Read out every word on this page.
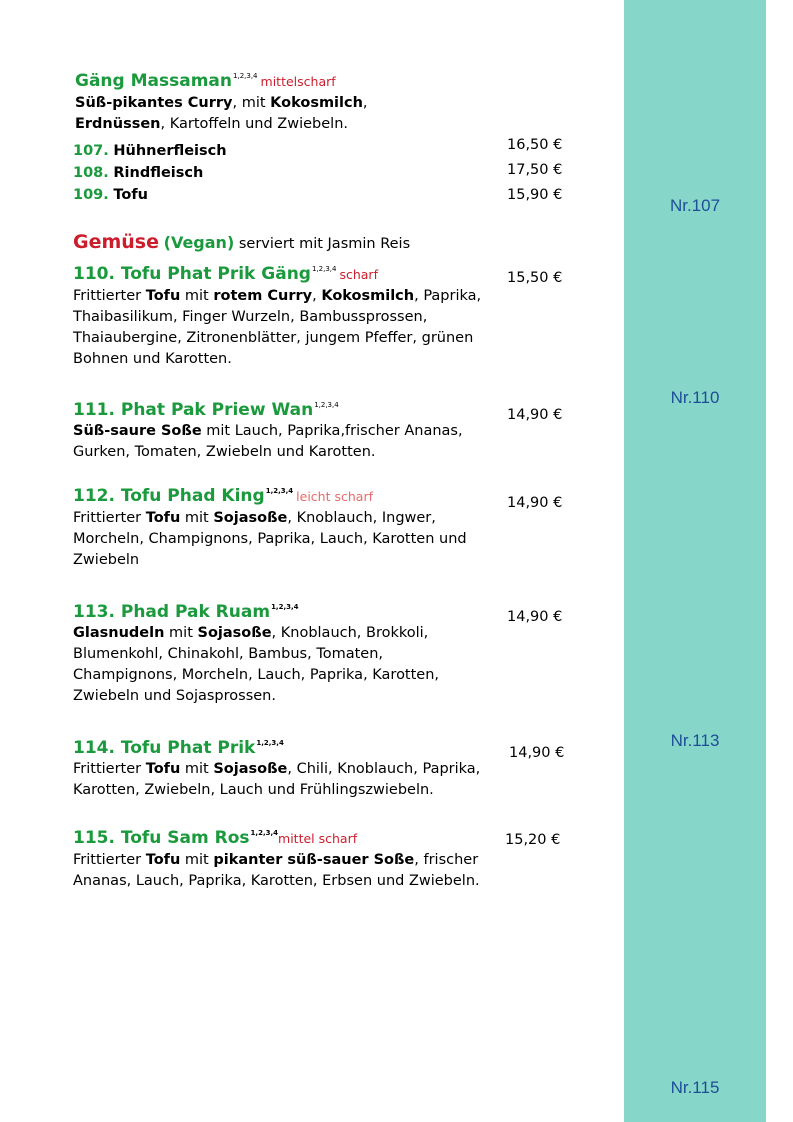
Gäng Massaman$^{1,2,3,4}$ mittelscharf
Süß-pikantes Curry, mit Kokosmilch,
Erdnüssen, Kartoffeln und Zwiebeln.
107. Hühnerfleisch
108. Rindfleisch
109. Tofu
16,50 €
17,50 €
15,90 €
Gemüse (Vegan) serviert mit Jasmin Reis
110. Tofu Phat Prik Gäng$^{1,2,3,4}$ scharf
Frittierter Tofu mit rotem Curry, Kokosmilch, Paprika,
Thaibasilikum, Finger Wurzeln, Bambussprossen,
Thaiaubergine, Zitronenblätter, jungem Pfeffer, grünen
Bohnen und Karotten.
15,50 €
111. Phat Pak Priew Wan$^{1,2,3,4}$
Süß-saure Soße mit Lauch, Paprika,frischer Ananas,
Gurken, Tomaten, Zwiebeln und Karotten.
14,90 €
112. Tofu Phad King$^{1,2,3,4}$ leicht scharf
Frittierter Tofu mit Sojasoße, Knoblauch, Ingwer,
Morcheln, Champignons, Paprika, Lauch, Karotten und
Zwiebeln
14,90 €
113. Phad Pak Ruam$^{1,2,3,4}$
Glasnudeln mit Sojasoße, Knoblauch, Brokkoli,
Blumenkohl, Chinakohl, Bambus, Tomaten,
Champignons, Morcheln, Lauch, Paprika, Karotten,
Zwiebeln und Sojasprossen.
14,90 €
114. Tofu Phat Prik$^{1,2,3,4}$
Frittierter Tofu mit Sojasoße, Chili, Knoblauch, Paprika,
Karotten, Zwiebeln, Lauch und Frühlingszwiebeln.
14,90 €
115. Tofu Sam Ros$^{1,2,3,4}$mittel scharf
Frittierter Tofu mit pikanter süß-sauer Soße, frischer
Ananas, Lauch, Paprika, Karotten, Erbsen und Zwiebeln.
15,20 €
Nr.107
Nr.110
Nr.113
Nr.115
